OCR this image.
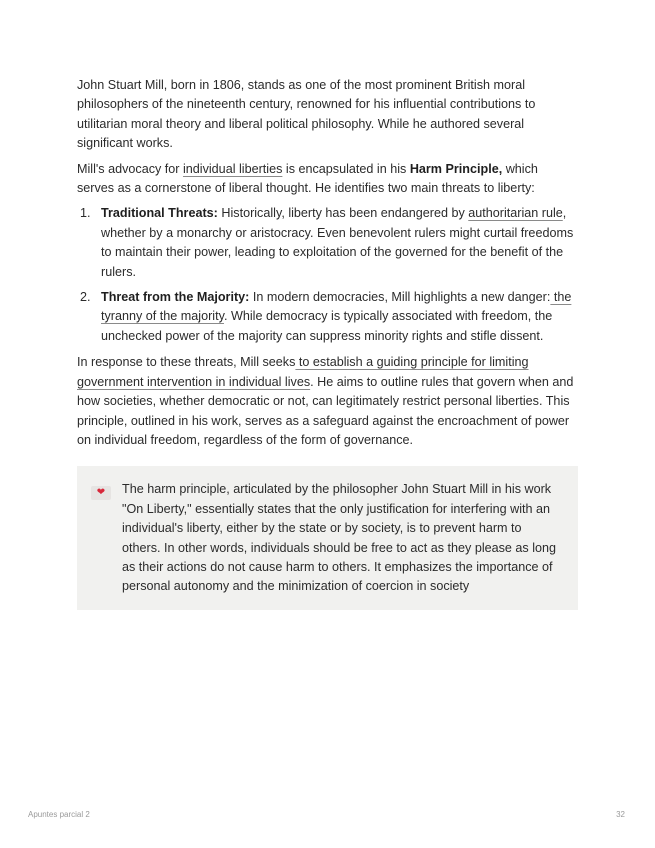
John Stuart Mill, born in 1806, stands as one of the most prominent British moral philosophers of the nineteenth century, renowned for his influential contributions to utilitarian moral theory and liberal political philosophy. While he authored several significant works.

Mill's advocacy for individual liberties is encapsulated in his Harm Principle, which serves as a cornerstone of liberal thought. He identifies two main threats to liberty:

1. Traditional Threats: Historically, liberty has been endangered by authoritarian rule, whether by a monarchy or aristocracy. Even benevolent rulers might curtail freedoms to maintain their power, leading to exploitation of the governed for the benefit of the rulers.
2. Threat from the Majority: In modern democracies, Mill highlights a new danger: the tyranny of the majority. While democracy is typically associated with freedom, the unchecked power of the majority can suppress minority rights and stifle dissent.

In response to these threats, Mill seeks to establish a guiding principle for limiting government intervention in individual lives. He aims to outline rules that govern when and how societies, whether democratic or not, can legitimately restrict personal liberties. This principle, outlined in his work, serves as a safeguard against the encroachment of power on individual freedom, regardless of the form of governance.

❤ The harm principle, articulated by the philosopher John Stuart Mill in his work "On Liberty," essentially states that the only justification for interfering with an individual's liberty, either by the state or by society, is to prevent harm to others. In other words, individuals should be free to act as they please as long as their actions do not cause harm to others. It emphasizes the importance of personal autonomy and the minimization of coercion in society

Apuntes parcial 2	32
